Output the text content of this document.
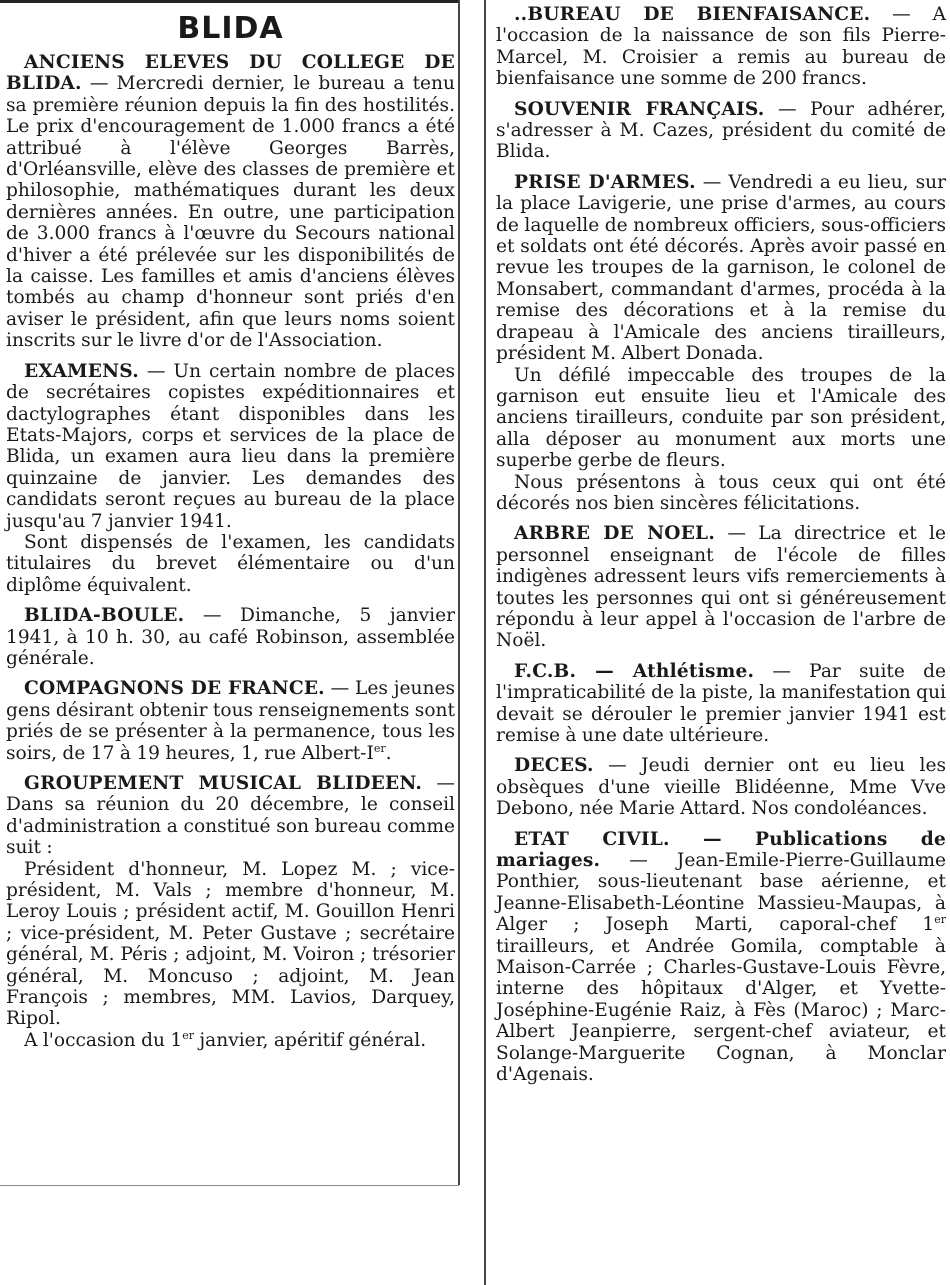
BLIDA

ANCIENS ELEVES DU COLLEGE DE BLIDA. — Mercredi dernier, le bureau a tenu sa première réunion depuis la fin des hostilités. Le prix d'encouragement de 1.000 francs a été attribué à l'élève Georges Barrès, d'Orléansville, elève des classes de première et philosophie, mathématiques durant les deux dernières années. En outre, une participation de 3.000 francs à l'œuvre du Secours national d'hiver a été prélevée sur les disponibilités de la caisse. Les familles et amis d'anciens élèves tombés au champ d'honneur sont priés d'en aviser le président, afin que leurs noms soient inscrits sur le livre d'or de l'Association.

EXAMENS. — Un certain nombre de places de secrétaires copistes expéditionnaires et dactylographes étant disponibles dans les Etats-Majors, corps et services de la place de Blida, un examen aura lieu dans la première quinzaine de janvier. Les demandes des candidats seront reçues au bureau de la place jusqu'au 7 janvier 1941.

Sont dispensés de l'examen, les candidats titulaires du brevet élémentaire ou d'un diplôme équivalent.

BLIDA-BOULE. — Dimanche, 5 janvier 1941, à 10 h. 30, au café Robinson, assemblée générale.

COMPAGNONS DE FRANCE. — Les jeunes gens désirant obtenir tous renseignements sont priés de se présenter à la permanence, tous les soirs, de 17 à 19 heures, 1, rue Albert-Ier.

GROUPEMENT MUSICAL BLIDEEN. — Dans sa réunion du 20 décembre, le conseil d'administration a constitué son bureau comme suit :

Président d'honneur, M. Lopez M. ; vice-président, M. Vals ; membre d'honneur, M. Leroy Louis ; président actif, M. Gouillon Henri ; vice-président, M. Peter Gustave ; secrétaire général, M. Péris ; adjoint, M. Voiron ; trésorier général, M. Moncuso ; adjoint, M. Jean François ; membres, MM. Lavios, Darquey, Ripol.

A l'occasion du 1er janvier, apéritif général.

..BUREAU DE BIENFAISANCE. — A l'occasion de la naissance de son fils Pierre-Marcel, M. Croisier a remis au bureau de bienfaisance une somme de 200 francs.

SOUVENIR FRANÇAIS. — Pour adhérer, s'adresser à M. Cazes, président du comité de Blida.

PRISE D'ARMES. — Vendredi a eu lieu, sur la place Lavigerie, une prise d'armes, au cours de laquelle de nombreux officiers, sous-officiers et soldats ont été décorés. Après avoir passé en revue les troupes de la garnison, le colonel de Monsabert, commandant d'armes, procéda à la remise des décorations et à la remise du drapeau à l'Amicale des anciens tirailleurs, président M. Albert Donada.

Un défilé impeccable des troupes de la garnison eut ensuite lieu et l'Amicale des anciens tirailleurs, conduite par son président, alla déposer au monument aux morts une superbe gerbe de fleurs.

Nous présentons à tous ceux qui ont été décorés nos bien sincères félicitations.

ARBRE DE NOEL. — La directrice et le personnel enseignant de l'école de filles indigènes adressent leurs vifs remerciements à toutes les personnes qui ont si généreusement répondu à leur appel à l'occasion de l'arbre de Noël.

F.C.B. — Athlétisme. — Par suite de l'impraticabilité de la piste, la manifestation qui devait se dérouler le premier janvier 1941 est remise à une date ultérieure.

DECES. — Jeudi dernier ont eu lieu les obsèques d'une vieille Blidéenne, Mme Vve Debono, née Marie Attard. Nos condoléances.

ETAT CIVIL. — Publications de mariages. — Jean-Emile-Pierre-Guillaume Ponthier, sous-lieutenant base aérienne, et Jeanne-Elisabeth-Léontine Massieu-Maupas, à Alger ; Joseph Marti, caporal-chef 1er tirailleurs, et Andrée Gomila, comptable à Maison-Carrée ; Charles-Gustave-Louis Fèvre, interne des hôpitaux d'Alger, et Yvette-Joséphine-Eugénie Raiz, à Fès (Maroc) ; Marc-Albert Jeanpierre, sergent-chef aviateur, et Solange-Marguerite Cognan, à Monclar d'Agenais.
